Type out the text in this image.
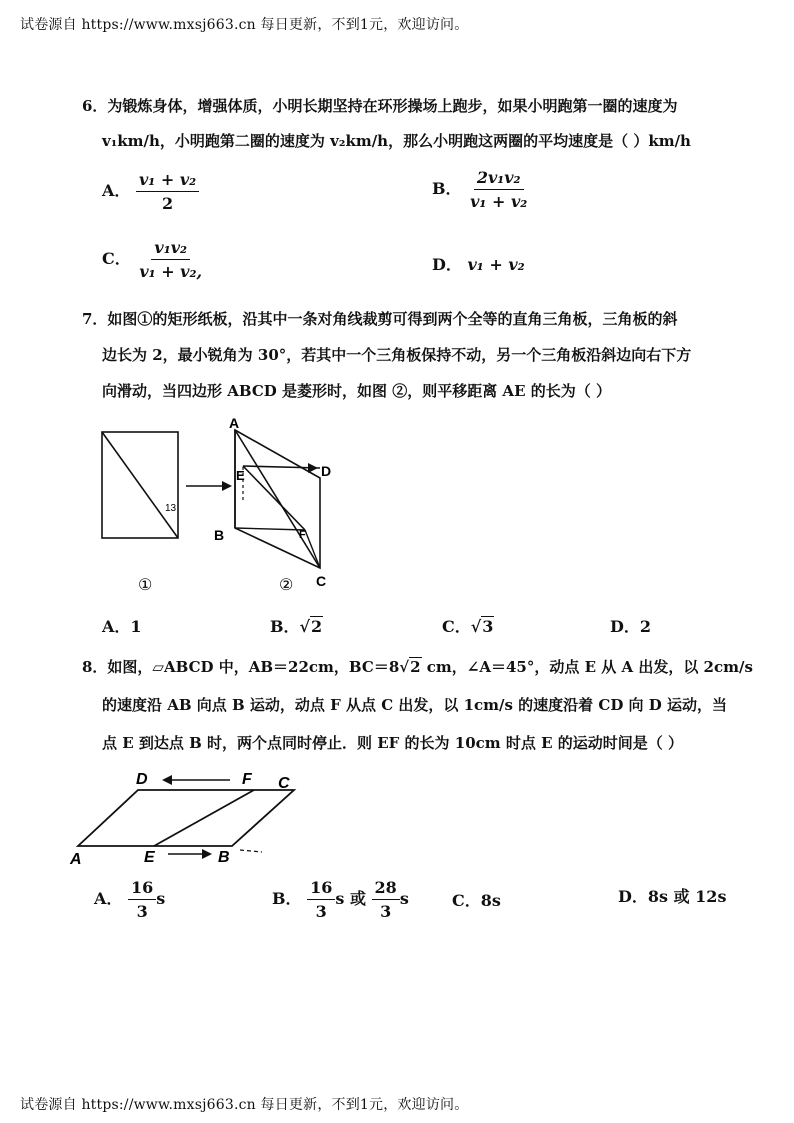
试卷源自 https://www.mxsj663.cn 每日更新，不到1元，欢迎访问。
6．为锻炼身体，增强体质，小明长期坚持在环形操场上跑步，如果小明跑第一圈的速度为
v₁km/h，小明跑第二圈的速度为 v₂km/h，那么小明跑这两圈的平均速度是（ ）km/h
A． $\frac{\text{v₁ + v₂}}{2}$	B． $\frac{\text{2v₁v₂}}{\text{v₁ + v₂}}$
C． $\frac{\text{v₁v₂}}{\text{v₁ + v₂,}}$	D． v₁ + v₂
7．如图①的矩形纸板，沿其中一条对角线裁剪可得到两个全等的直角三角板，三角板的斜
边长为 2，最小锐角为 30°，若其中一个三角板保持不动，另一个三角板沿斜边向右下方
向滑动，当四边形 ABCD 是菱形时，如图 ②，则平移距离 AE 的长为（ ）
13
A
E	D
B	F
C
①	②
A．1	B．√2	C．√3	D．2
8．如图，▱ABCD 中，AB＝22cm，BC＝8√2 cm，∠A＝45°，动点 E 从 A 出发，以 2cm/s
的速度沿 AB 向点 B 运动，动点 F 从点 C 出发，以 1cm/s 的速度沿着 CD 向 D 运动，当
点 E 到达点 B 时，两个点同时停止．则 EF 的长为 10cm 时点 E 的运动时间是（ ）
D	F C
A	E	B
A． $\frac{16}{3}$ s	B． $\frac{16}{3}$ s 或 $\frac{28}{3}$ s	C．8s	D．8s 或 12s
试卷源自 https://www.mxsj663.cn 每日更新，不到1元，欢迎访问。
